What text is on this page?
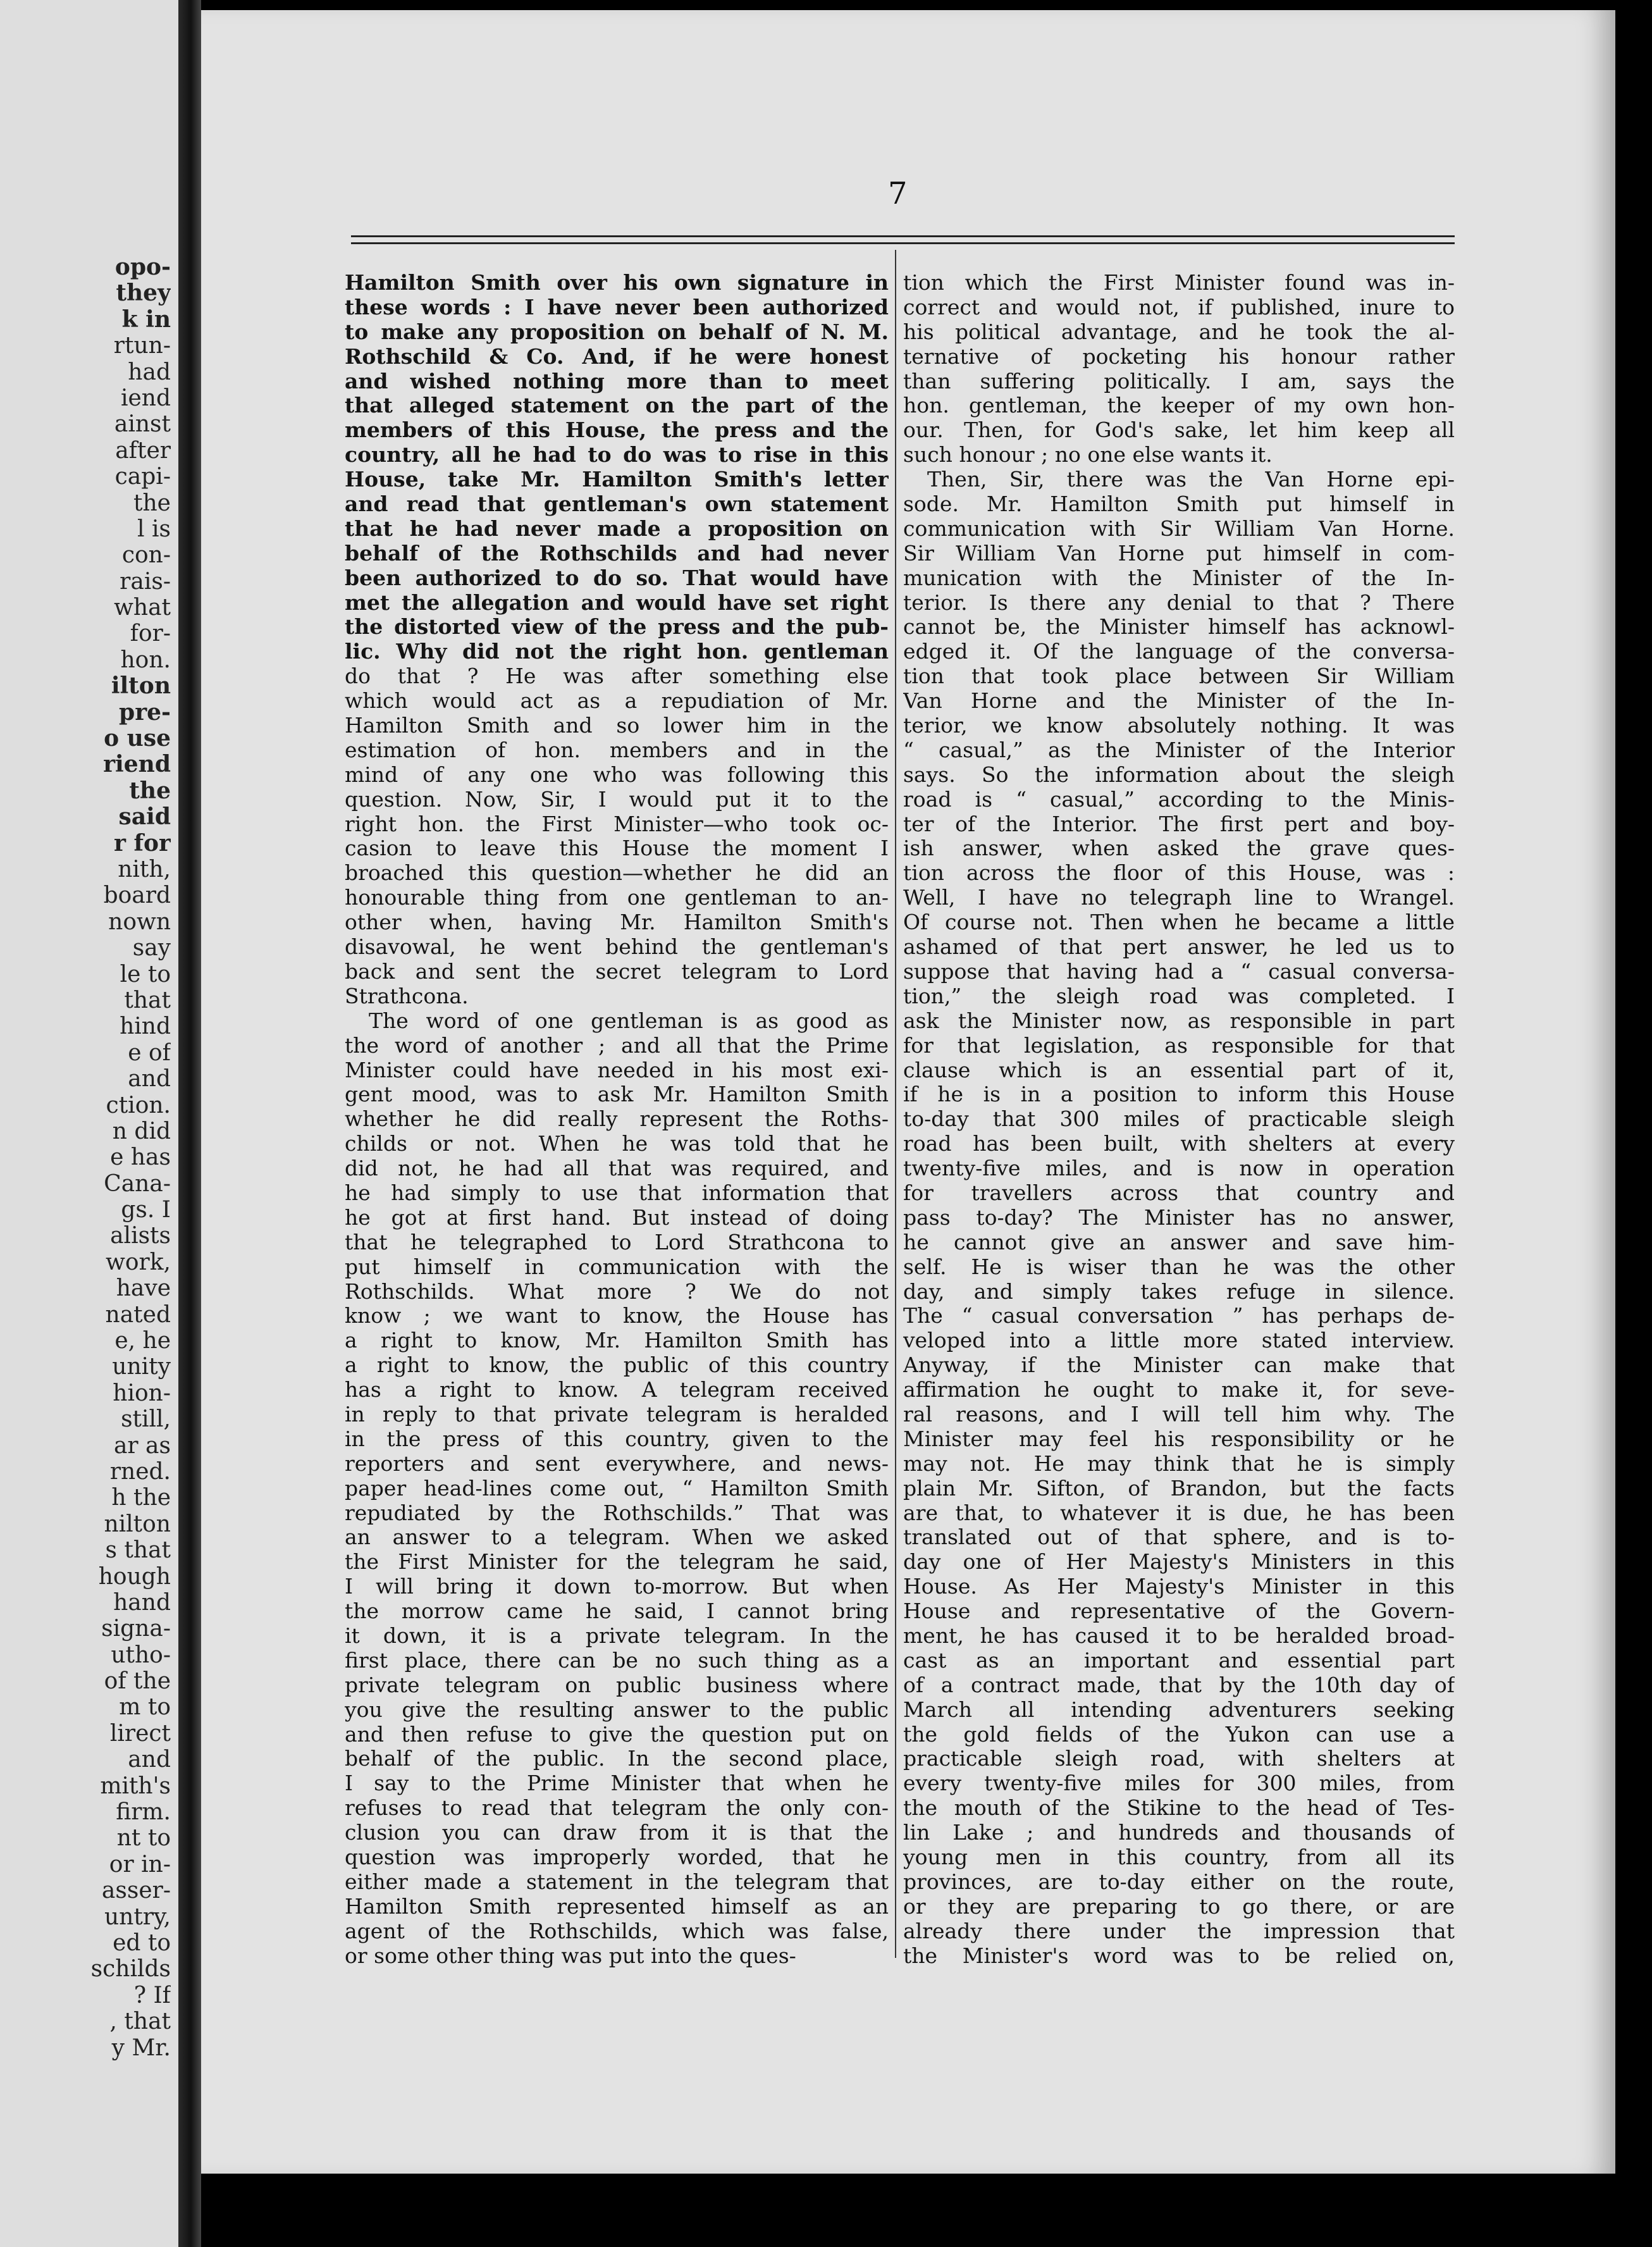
opo-
they
k in
rtun-
had
iend
ainst
after
capi-
the
l is
con-
rais-
what
for-
hon.
ilton
pre-
o use
riend
the
said
r for
nith,
board
nown
say
le to
that
hind
e of
and
ction.
n did
e has
Cana-
gs. I
alists
work,
have
nated
e, he
unity
hion-
still,
ar as
rned.
h the
nilton
s that
hough
hand
signa-
utho-
of the
m to
lirect
and
mith's
firm.
nt to
or in-
asser-
untry,
ed to
schilds
? If
, that
y Mr.
7
Hamilton Smith over his own signature in
these words : I have never been authorized
to make any proposition on behalf of N. M.
Rothschild & Co. And, if he were honest
and wished nothing more than to meet
that alleged statement on the part of the
members of this House, the press and the
country, all he had to do was to rise in this
House, take Mr. Hamilton Smith's letter
and read that gentleman's own statement
that he had never made a proposition on
behalf of the Rothschilds and had never
been authorized to do so. That would have
met the allegation and would have set right
the distorted view of the press and the pub-
lic. Why did not the right hon. gentleman
do that ? He was after something else
which would act as a repudiation of Mr.
Hamilton Smith and so lower him in the
estimation of hon. members and in the
mind of any one who was following this
question. Now, Sir, I would put it to the
right hon. the First Minister—who took oc-
casion to leave this House the moment I
broached this question—whether he did an
honourable thing from one gentleman to an-
other when, having Mr. Hamilton Smith's
disavowal, he went behind the gentleman's
back and sent the secret telegram to Lord
Strathcona.
The word of one gentleman is as good as
the word of another ; and all that the Prime
Minister could have needed in his most exi-
gent mood, was to ask Mr. Hamilton Smith
whether he did really represent the Roths-
childs or not. When he was told that he
did not, he had all that was required, and
he had simply to use that information that
he got at first hand. But instead of doing
that he telegraphed to Lord Strathcona to
put himself in communication with the
Rothschilds. What more ? We do not
know ; we want to know, the House has
a right to know, Mr. Hamilton Smith has
a right to know, the public of this country
has a right to know. A telegram received
in reply to that private telegram is heralded
in the press of this country, given to the
reporters and sent everywhere, and news-
paper head-lines come out, “ Hamilton Smith
repudiated by the Rothschilds.” That was
an answer to a telegram. When we asked
the First Minister for the telegram he said,
I will bring it down to-morrow. But when
the morrow came he said, I cannot bring
it down, it is a private telegram. In the
first place, there can be no such thing as a
private telegram on public business where
you give the resulting answer to the public
and then refuse to give the question put on
behalf of the public. In the second place,
I say to the Prime Minister that when he
refuses to read that telegram the only con-
clusion you can draw from it is that the
question was improperly worded, that he
either made a statement in the telegram that
Hamilton Smith represented himself as an
agent of the Rothschilds, which was false,
or some other thing was put into the ques-
tion which the First Minister found was in-
correct and would not, if published, inure to
his political advantage, and he took the al-
ternative of pocketing his honour rather
than suffering politically. I am, says the
hon. gentleman, the keeper of my own hon-
our. Then, for God's sake, let him keep all
such honour ; no one else wants it.
Then, Sir, there was the Van Horne epi-
sode. Mr. Hamilton Smith put himself in
communication with Sir William Van Horne.
Sir William Van Horne put himself in com-
munication with the Minister of the In-
terior. Is there any denial to that ? There
cannot be, the Minister himself has acknowl-
edged it. Of the language of the conversa-
tion that took place between Sir William
Van Horne and the Minister of the In-
terior, we know absolutely nothing. It was
“ casual,” as the Minister of the Interior
says. So the information about the sleigh
road is “ casual,” according to the Minis-
ter of the Interior. The first pert and boy-
ish answer, when asked the grave ques-
tion across the floor of this House, was :
Well, I have no telegraph line to Wrangel.
Of course not. Then when he became a little
ashamed of that pert answer, he led us to
suppose that having had a “ casual conversa-
tion,” the sleigh road was completed. I
ask the Minister now, as responsible in part
for that legislation, as responsible for that
clause which is an essential part of it,
if he is in a position to inform this House
to-day that 300 miles of practicable sleigh
road has been built, with shelters at every
twenty-five miles, and is now in operation
for travellers across that country and
pass to-day? The Minister has no answer,
he cannot give an answer and save him-
self. He is wiser than he was the other
day, and simply takes refuge in silence.
The “ casual conversation ” has perhaps de-
veloped into a little more stated interview.
Anyway, if the Minister can make that
affirmation he ought to make it, for seve-
ral reasons, and I will tell him why. The
Minister may feel his responsibility or he
may not. He may think that he is simply
plain Mr. Sifton, of Brandon, but the facts
are that, to whatever it is due, he has been
translated out of that sphere, and is to-
day one of Her Majesty's Ministers in this
House. As Her Majesty's Minister in this
House and representative of the Govern-
ment, he has caused it to be heralded broad-
cast as an important and essential part
of a contract made, that by the 10th day of
March all intending adventurers seeking
the gold fields of the Yukon can use a
practicable sleigh road, with shelters at
every twenty-five miles for 300 miles, from
the mouth of the Stikine to the head of Tes-
lin Lake ; and hundreds and thousands of
young men in this country, from all its
provinces, are to-day either on the route,
or they are preparing to go there, or are
already there under the impression that
the Minister's word was to be relied on,
